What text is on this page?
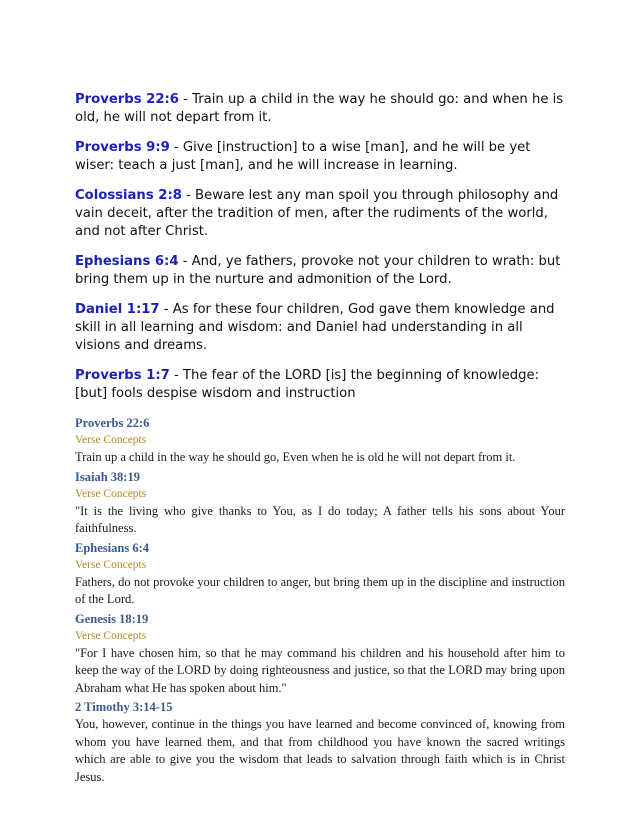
Proverbs 22:6 - Train up a child in the way he should go: and when he is old, he will not depart from it.

Proverbs 9:9 - Give [instruction] to a wise [man], and he will be yet wiser: teach a just [man], and he will increase in learning.

Colossians 2:8 - Beware lest any man spoil you through philosophy and vain deceit, after the tradition of men, after the rudiments of the world, and not after Christ.

Ephesians 6:4 - And, ye fathers, provoke not your children to wrath: but bring them up in the nurture and admonition of the Lord.

Daniel 1:17 - As for these four children, God gave them knowledge and skill in all learning and wisdom: and Daniel had understanding in all visions and dreams.

Proverbs 1:7 - The fear of the LORD [is] the beginning of knowledge: [but] fools despise wisdom and instruction

Proverbs 22:6
Verse Concepts

Train up a child in the way he should go, Even when he is old he will not depart from it.

Isaiah 38:19
Verse Concepts

"It is the living who give thanks to You, as I do today; A father tells his sons about Your faithfulness.

Ephesians 6:4
Verse Concepts

Fathers, do not provoke your children to anger, but bring them up in the discipline and instruction of the Lord.

Genesis 18:19
Verse Concepts

"For I have chosen him, so that he may command his children and his household after him to keep the way of the LORD by doing righteousness and justice, so that the LORD may bring upon Abraham what He has spoken about him."

2 Timothy 3:14-15

You, however, continue in the things you have learned and become convinced of, knowing from whom you have learned them, and that from childhood you have known the sacred writings which are able to give you the wisdom that leads to salvation through faith which is in Christ Jesus.
